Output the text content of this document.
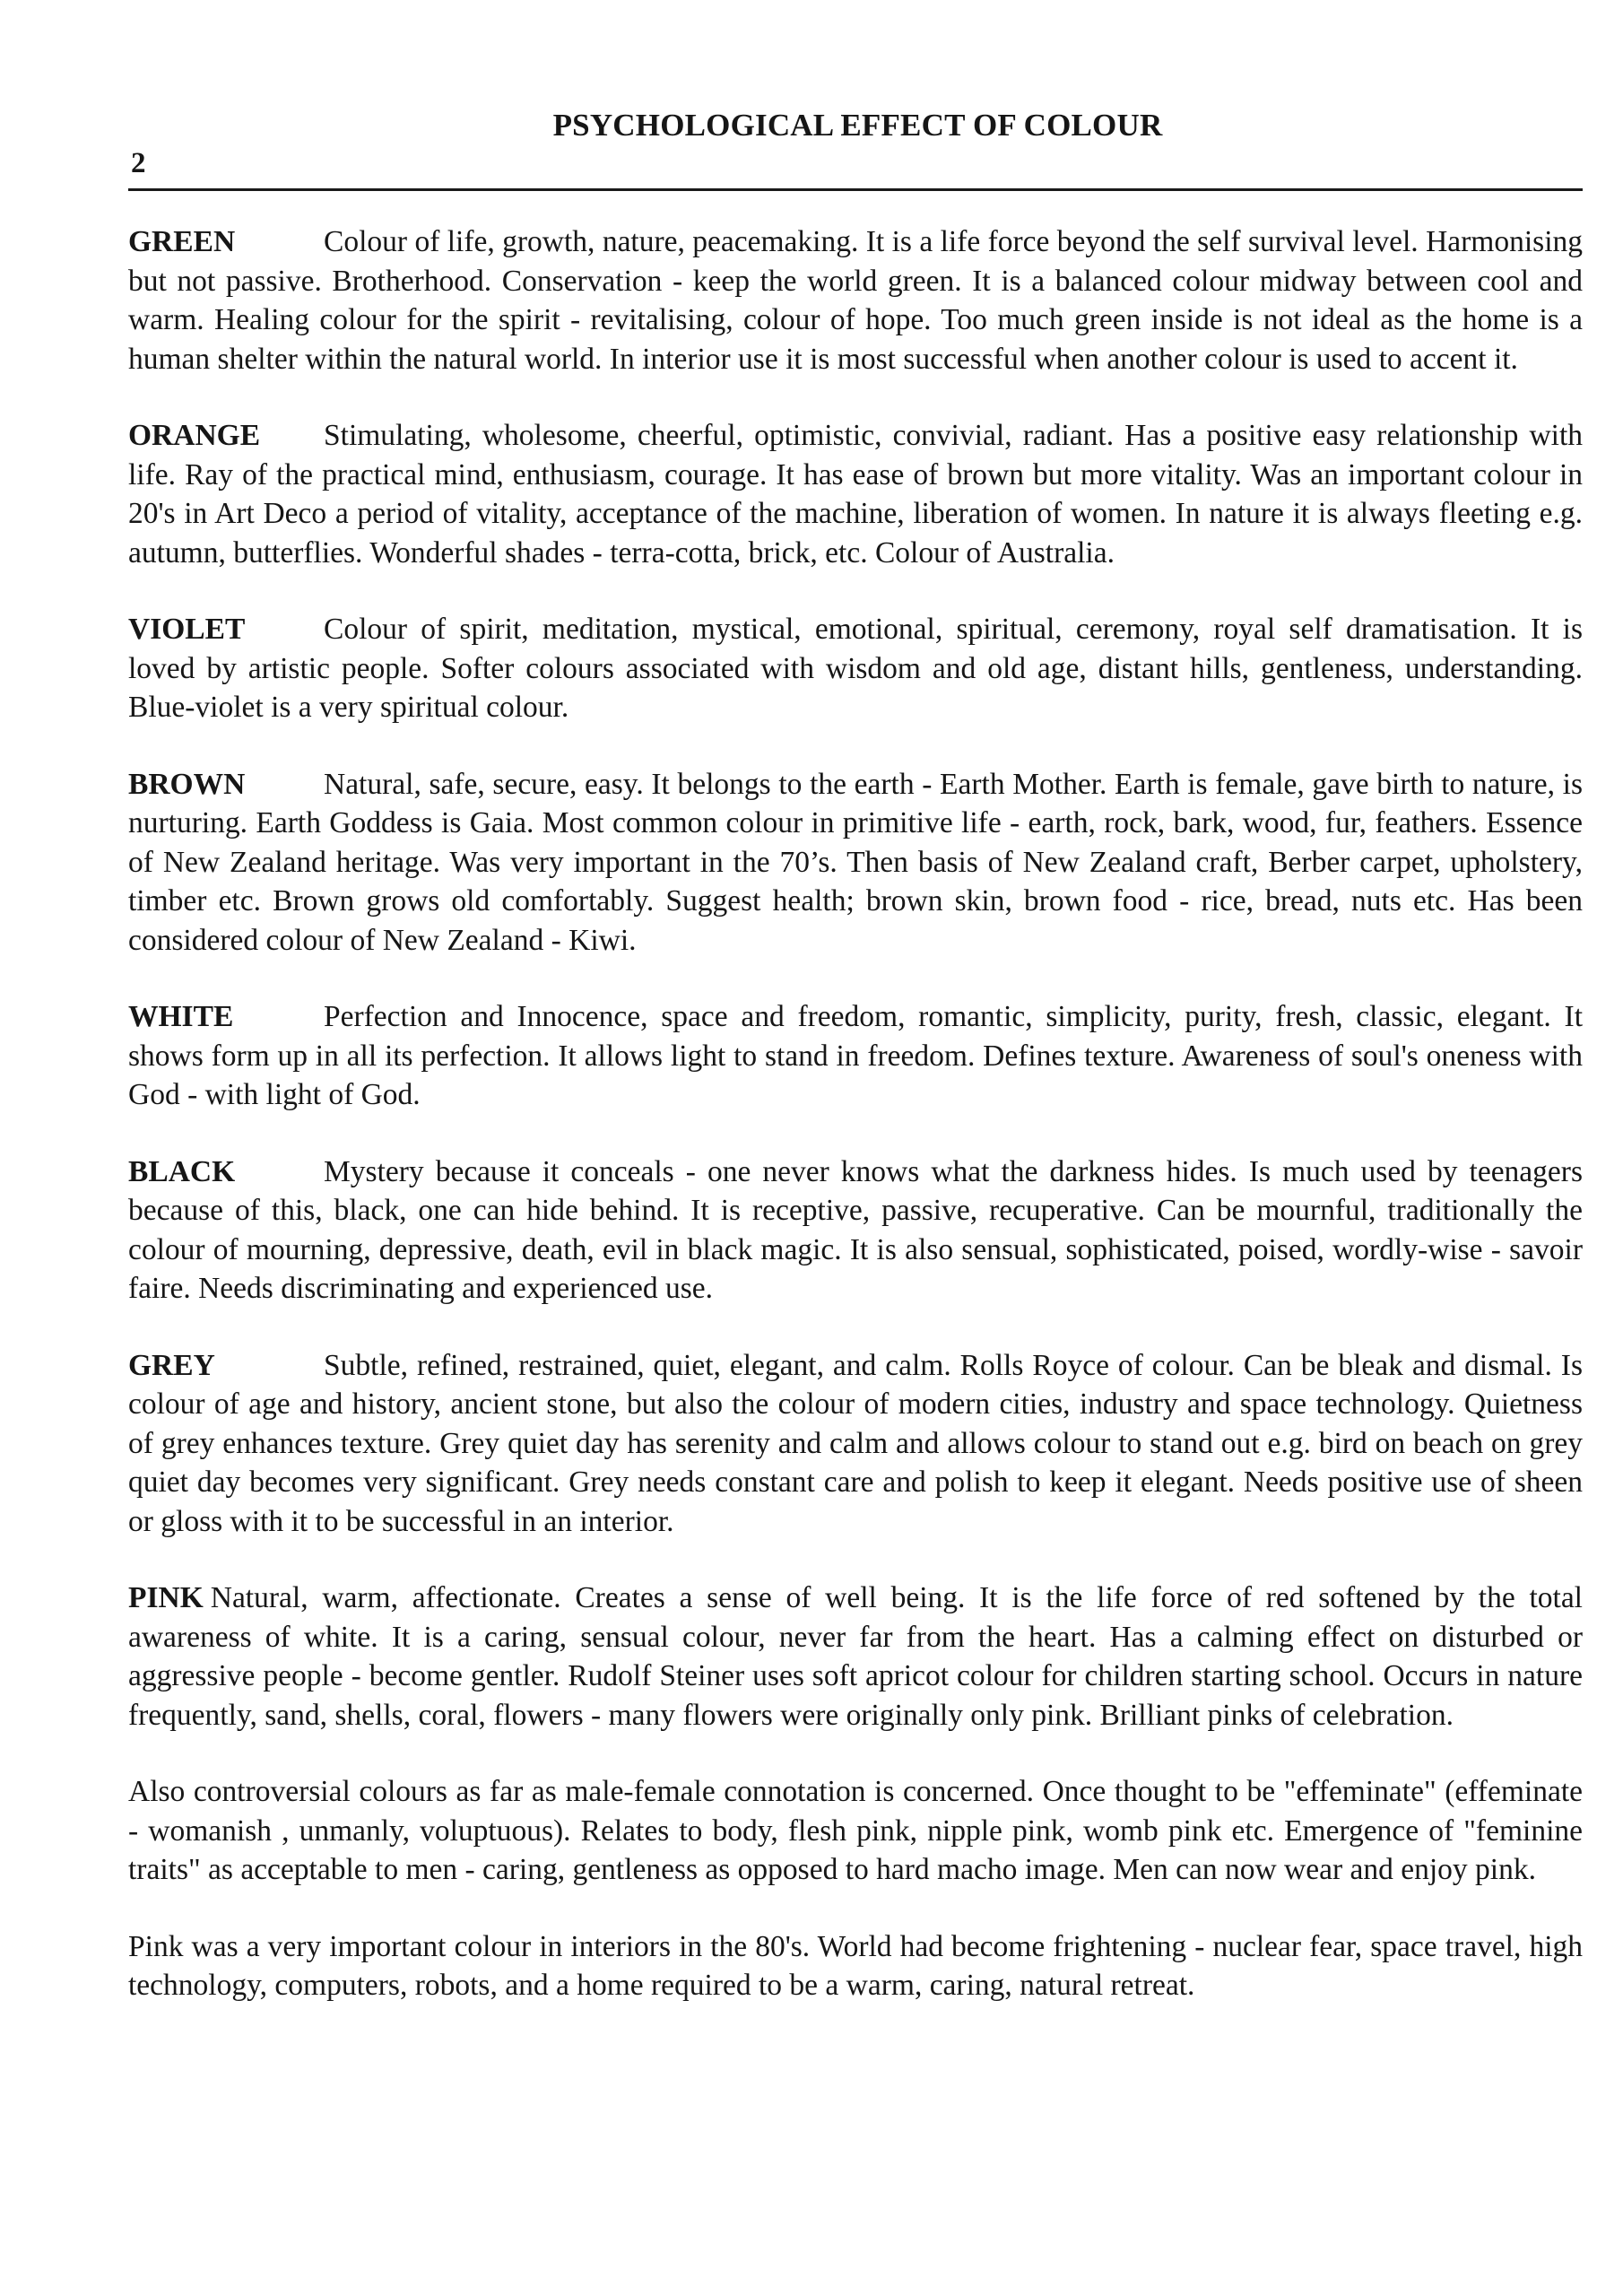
PSYCHOLOGICAL EFFECT OF COLOUR
2

GREEN	Colour of life, growth, nature, peacemaking. It is a life force beyond the self survival level. Harmonising but not passive. Brotherhood. Conservation - keep the world green. It is a balanced colour midway between cool and warm. Healing colour for the spirit - revitalising, colour of hope. Too much green inside is not ideal as the home is a human shelter within the natural world. In interior use it is most successful when another colour is used to accent it.

ORANGE Stimulating, wholesome, cheerful, optimistic, convivial, radiant. Has a positive easy relationship with life. Ray of the practical mind, enthusiasm, courage. It has ease of brown but more vitality. Was an important colour in 20's in Art Deco a period of vitality, acceptance of the machine, liberation of women. In nature it is always fleeting e.g. autumn, butterflies. Wonderful shades - terra-cotta, brick, etc. Colour of Australia.

VIOLET	Colour of spirit, meditation, mystical, emotional, spiritual, ceremony, royal self dramatisation. It is loved by artistic people. Softer colours associated with wisdom and old age, distant hills, gentleness, understanding. Blue-violet is a very spiritual colour.

BROWN	Natural, safe, secure, easy. It belongs to the earth - Earth Mother. Earth is female, gave birth to nature, is nurturing. Earth Goddess is Gaia. Most common colour in primitive life - earth, rock, bark, wood, fur, feathers. Essence of New Zealand heritage. Was very important in the 70’s. Then basis of New Zealand craft, Berber carpet, upholstery, timber etc. Brown grows old comfortably. Suggest health; brown skin, brown food - rice, bread, nuts etc. Has been considered colour of New Zealand - Kiwi.

WHITE	Perfection and Innocence, space and freedom, romantic, simplicity, purity, fresh, classic, elegant. It shows form up in all its perfection. It allows light to stand in freedom. Defines texture. Awareness of soul's oneness with God - with light of God.

BLACK	Mystery because it conceals - one never knows what the darkness hides. Is much used by teenagers because of this, black, one can hide behind. It is receptive, passive, recuperative. Can be mournful, traditionally the colour of mourning, depressive, death, evil in black magic. It is also sensual, sophisticated, poised, wordly-wise - savoir faire. Needs discriminating and experienced use.

GREY	Subtle, refined, restrained, quiet, elegant, and calm. Rolls Royce of colour. Can be bleak and dismal. Is colour of age and history, ancient stone, but also the colour of modern cities, industry and space technology. Quietness of grey enhances texture. Grey quiet day has serenity and calm and allows colour to stand out e.g. bird on beach on grey quiet day becomes very significant. Grey needs constant care and polish to keep it elegant. Needs positive use of sheen or gloss with it to be successful in an interior.

PINK Natural, warm, affectionate. Creates a sense of well being. It is the life force of red softened by the total awareness of white. It is a caring, sensual colour, never far from the heart. Has a calming effect on disturbed or aggressive people - become gentler. Rudolf Steiner uses soft apricot colour for children starting school. Occurs in nature frequently, sand, shells, coral, flowers - many flowers were originally only pink. Brilliant pinks of celebration.

Also controversial colours as far as male-female connotation is concerned. Once thought to be "effeminate" (effeminate - womanish , unmanly, voluptuous). Relates to body, flesh pink, nipple pink, womb pink etc. Emergence of "feminine traits" as acceptable to men - caring, gentleness as opposed to hard macho image. Men can now wear and enjoy pink.

Pink was a very important colour in interiors in the 80's. World had become frightening - nuclear fear, space travel, high technology, computers, robots, and a home required to be a warm, caring, natural retreat.
